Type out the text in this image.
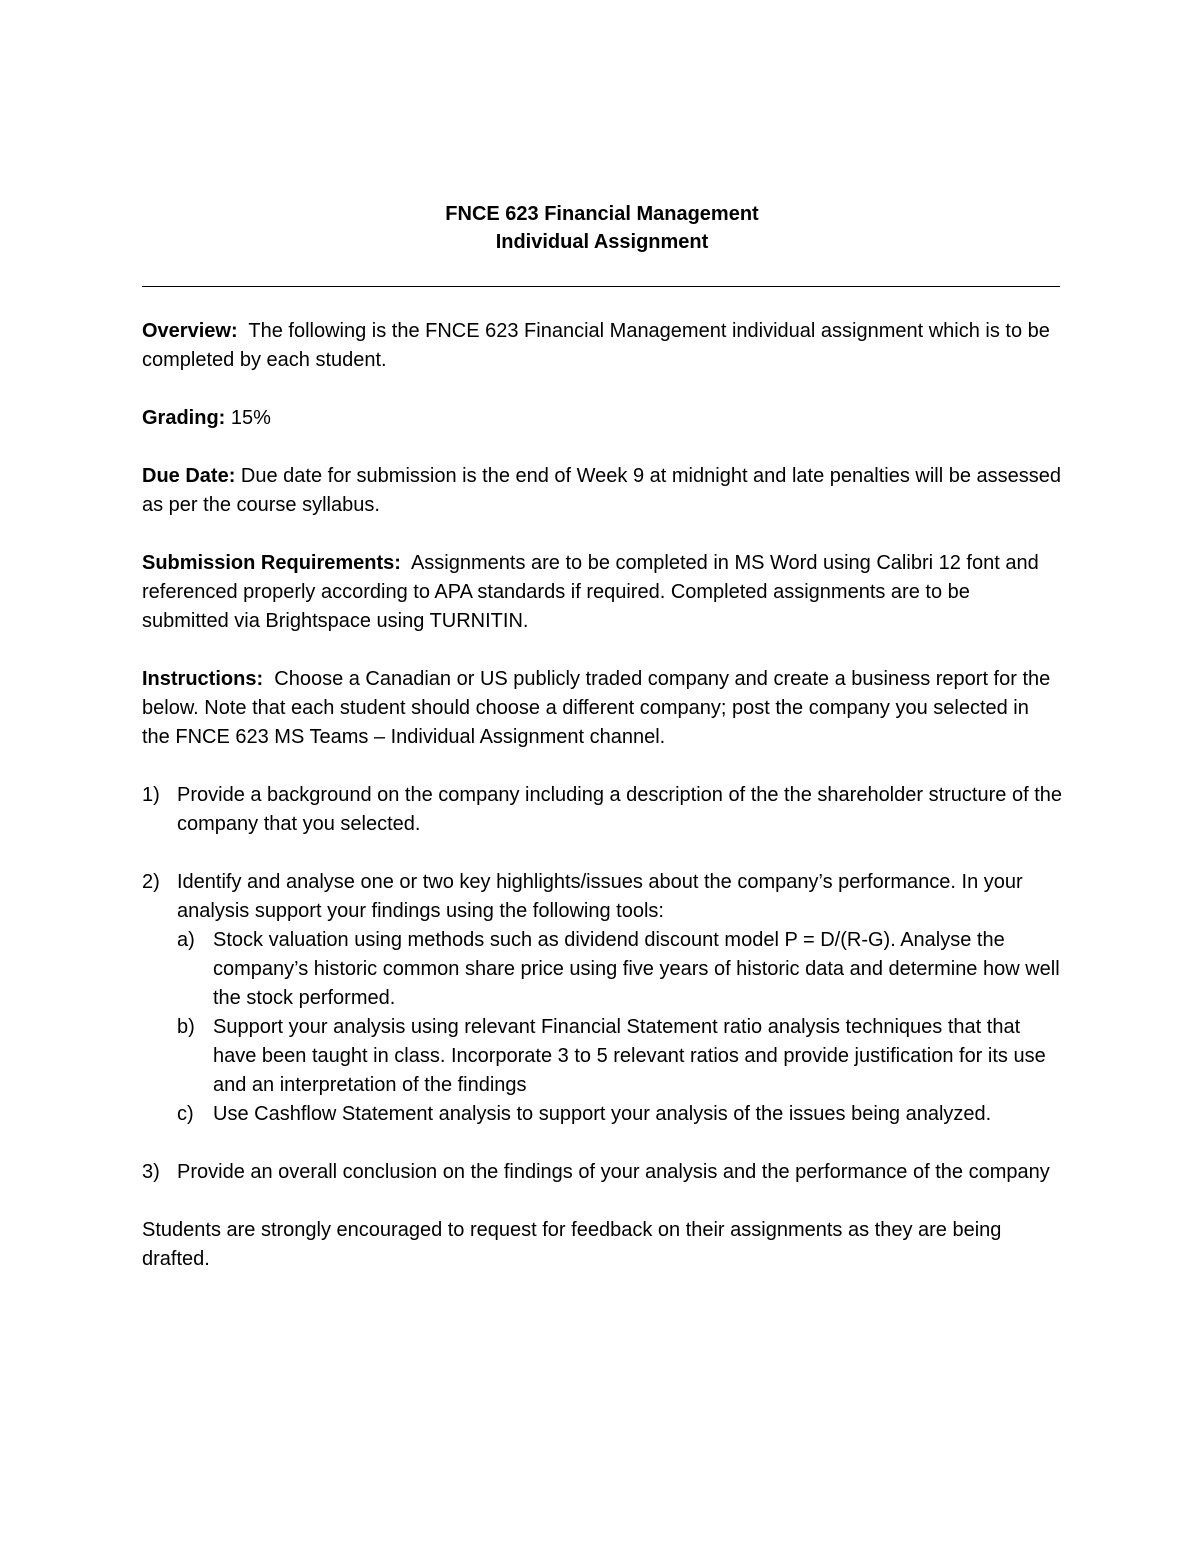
FNCE 623 Financial Management
Individual Assignment

Overview: The following is the FNCE 623 Financial Management individual assignment which is to be completed by each student.

Grading: 15%

Due Date: Due date for submission is the end of Week 9 at midnight and late penalties will be assessed as per the course syllabus.

Submission Requirements: Assignments are to be completed in MS Word using Calibri 12 font and referenced properly according to APA standards if required. Completed assignments are to be submitted via Brightspace using TURNITIN.

Instructions: Choose a Canadian or US publicly traded company and create a business report for the below. Note that each student should choose a different company; post the company you selected in the FNCE 623 MS Teams – Individual Assignment channel.

1) Provide a background on the company including a description of the the shareholder structure of the company that you selected.
2) Identify and analyse one or two key highlights/issues about the company’s performance. In your analysis support your findings using the following tools:
a) Stock valuation using methods such as dividend discount model P = D/(R-G). Analyse the company’s historic common share price using five years of historic data and determine how well the stock performed.
b) Support your analysis using relevant Financial Statement ratio analysis techniques that that have been taught in class. Incorporate 3 to 5 relevant ratios and provide justification for its use and an interpretation of the findings
c) Use Cashflow Statement analysis to support your analysis of the issues being analyzed.
3) Provide an overall conclusion on the findings of your analysis and the performance of the company

Students are strongly encouraged to request for feedback on their assignments as they are being drafted.
